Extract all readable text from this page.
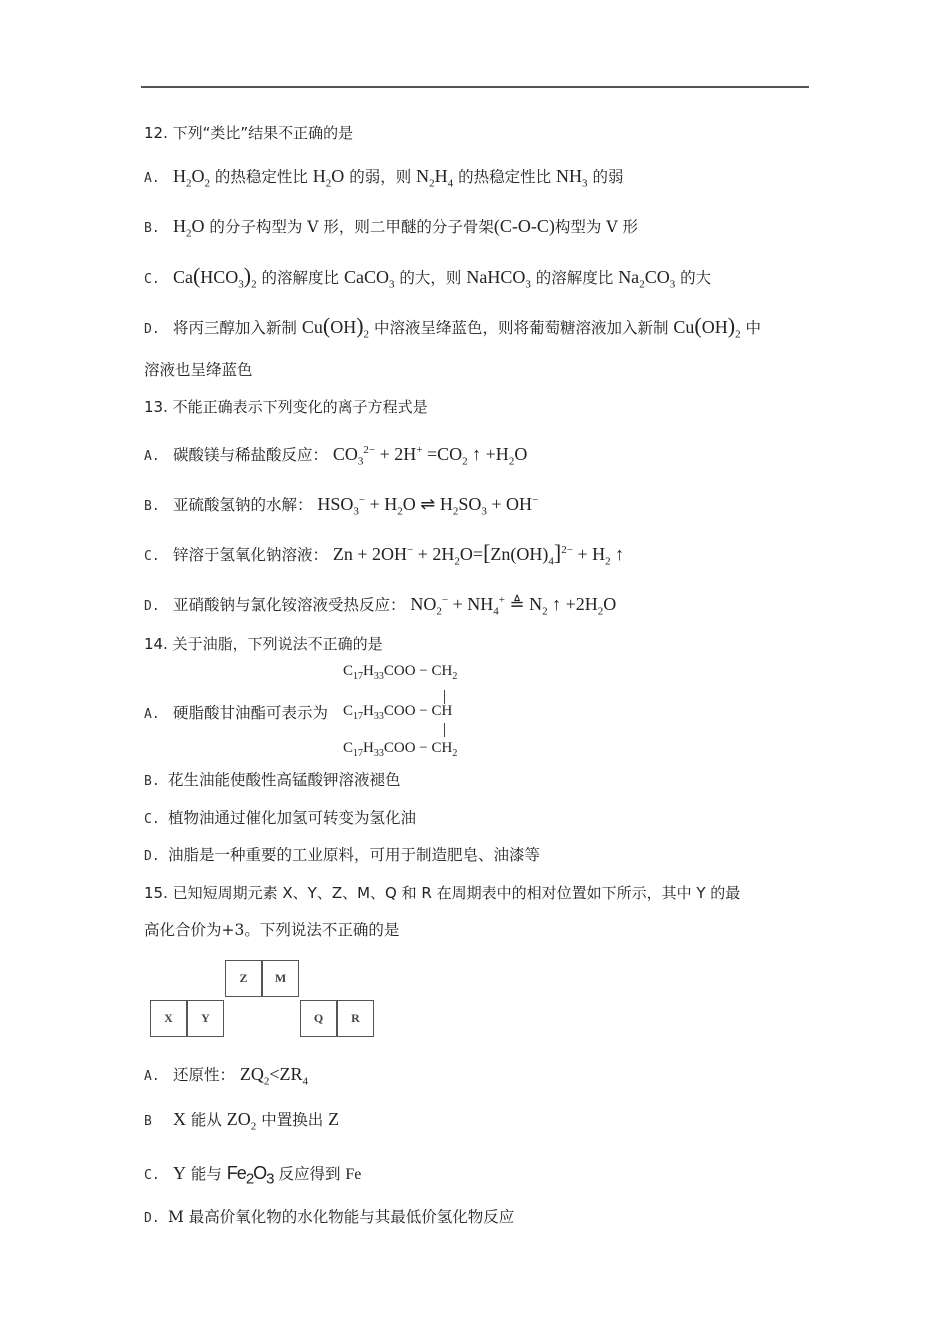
12. 下列“类比”结果不正确的是
A. $H_2O_2$ 的热稳定性比 $H_2O$ 的弱，则 $N_2H_4$ 的热稳定性比 $NH_3$ 的弱
B. $H_2O$ 的分子构型为 V 形，则二甲醚的分子骨架(C-O-C)构型为 V 形
C. $Ca(HCO_3)_2$ 的溶解度比 CaCO$_3$ 的大，则 NaHCO$_3$ 的溶解度比 $Na_2CO_3$ 的大
D. 将丙三醇加入新制 $Cu(OH)_2$ 中溶液呈绛蓝色，则将葡萄糖溶液加入新制 $Cu(OH)_2$ 中
溶液也呈绛蓝色
13. 不能正确表示下列变化的离子方程式是
A. 碳酸镁与稀盐酸反应： $CO_3^{2-} + 2H^+ =CO_2$ ↑ $+H_2O$
B. 亚硫酸氢钠的水解： $HSO_3^- + H_2O$ ⇌ $H_2SO_3 + OH^-$
C. 锌溶于氢氧化钠溶液： $Zn + 2OH^- + 2H_2O=[Zn(OH)_4]^{2-} + H_2$ ↑
D. 亚硝酸钠与氯化铵溶液受热反应： $NO_2^- + NH_4^+$ ≜ $N_2$ ↑ $+2H_2O$
14. 关于油脂，下列说法不正确的是
A. 硬脂酸甘油酯可表示为
$C_{17}H_{33}COO - CH_2$
$C_{17}H_{33}COO$ − CH
$C_{17}H_{33}COO - CH_2$
B. 花生油能使酸性高锰酸钾溶液褪色
C. 植物油通过催化加氢可转变为氢化油
D. 油脂是一种重要的工业原料，可用于制造肥皂、油漆等
15. 已知短周期元素 X、Y、Z、M、Q 和 R 在周期表中的相对位置如下所示，其中 Y 的最
高化合价为+3。下列说法不正确的是
Z	M
X	Y	Q	R
A. 还原性： $ZQ_2<ZR_4$
B X 能从 $ZO_2$ 中置换出 Z
C. Y 能与 $Fe_2O_3$ 反应得到 Fe
D. M 最高价氧化物的水化物能与其最低价氢化物反应
